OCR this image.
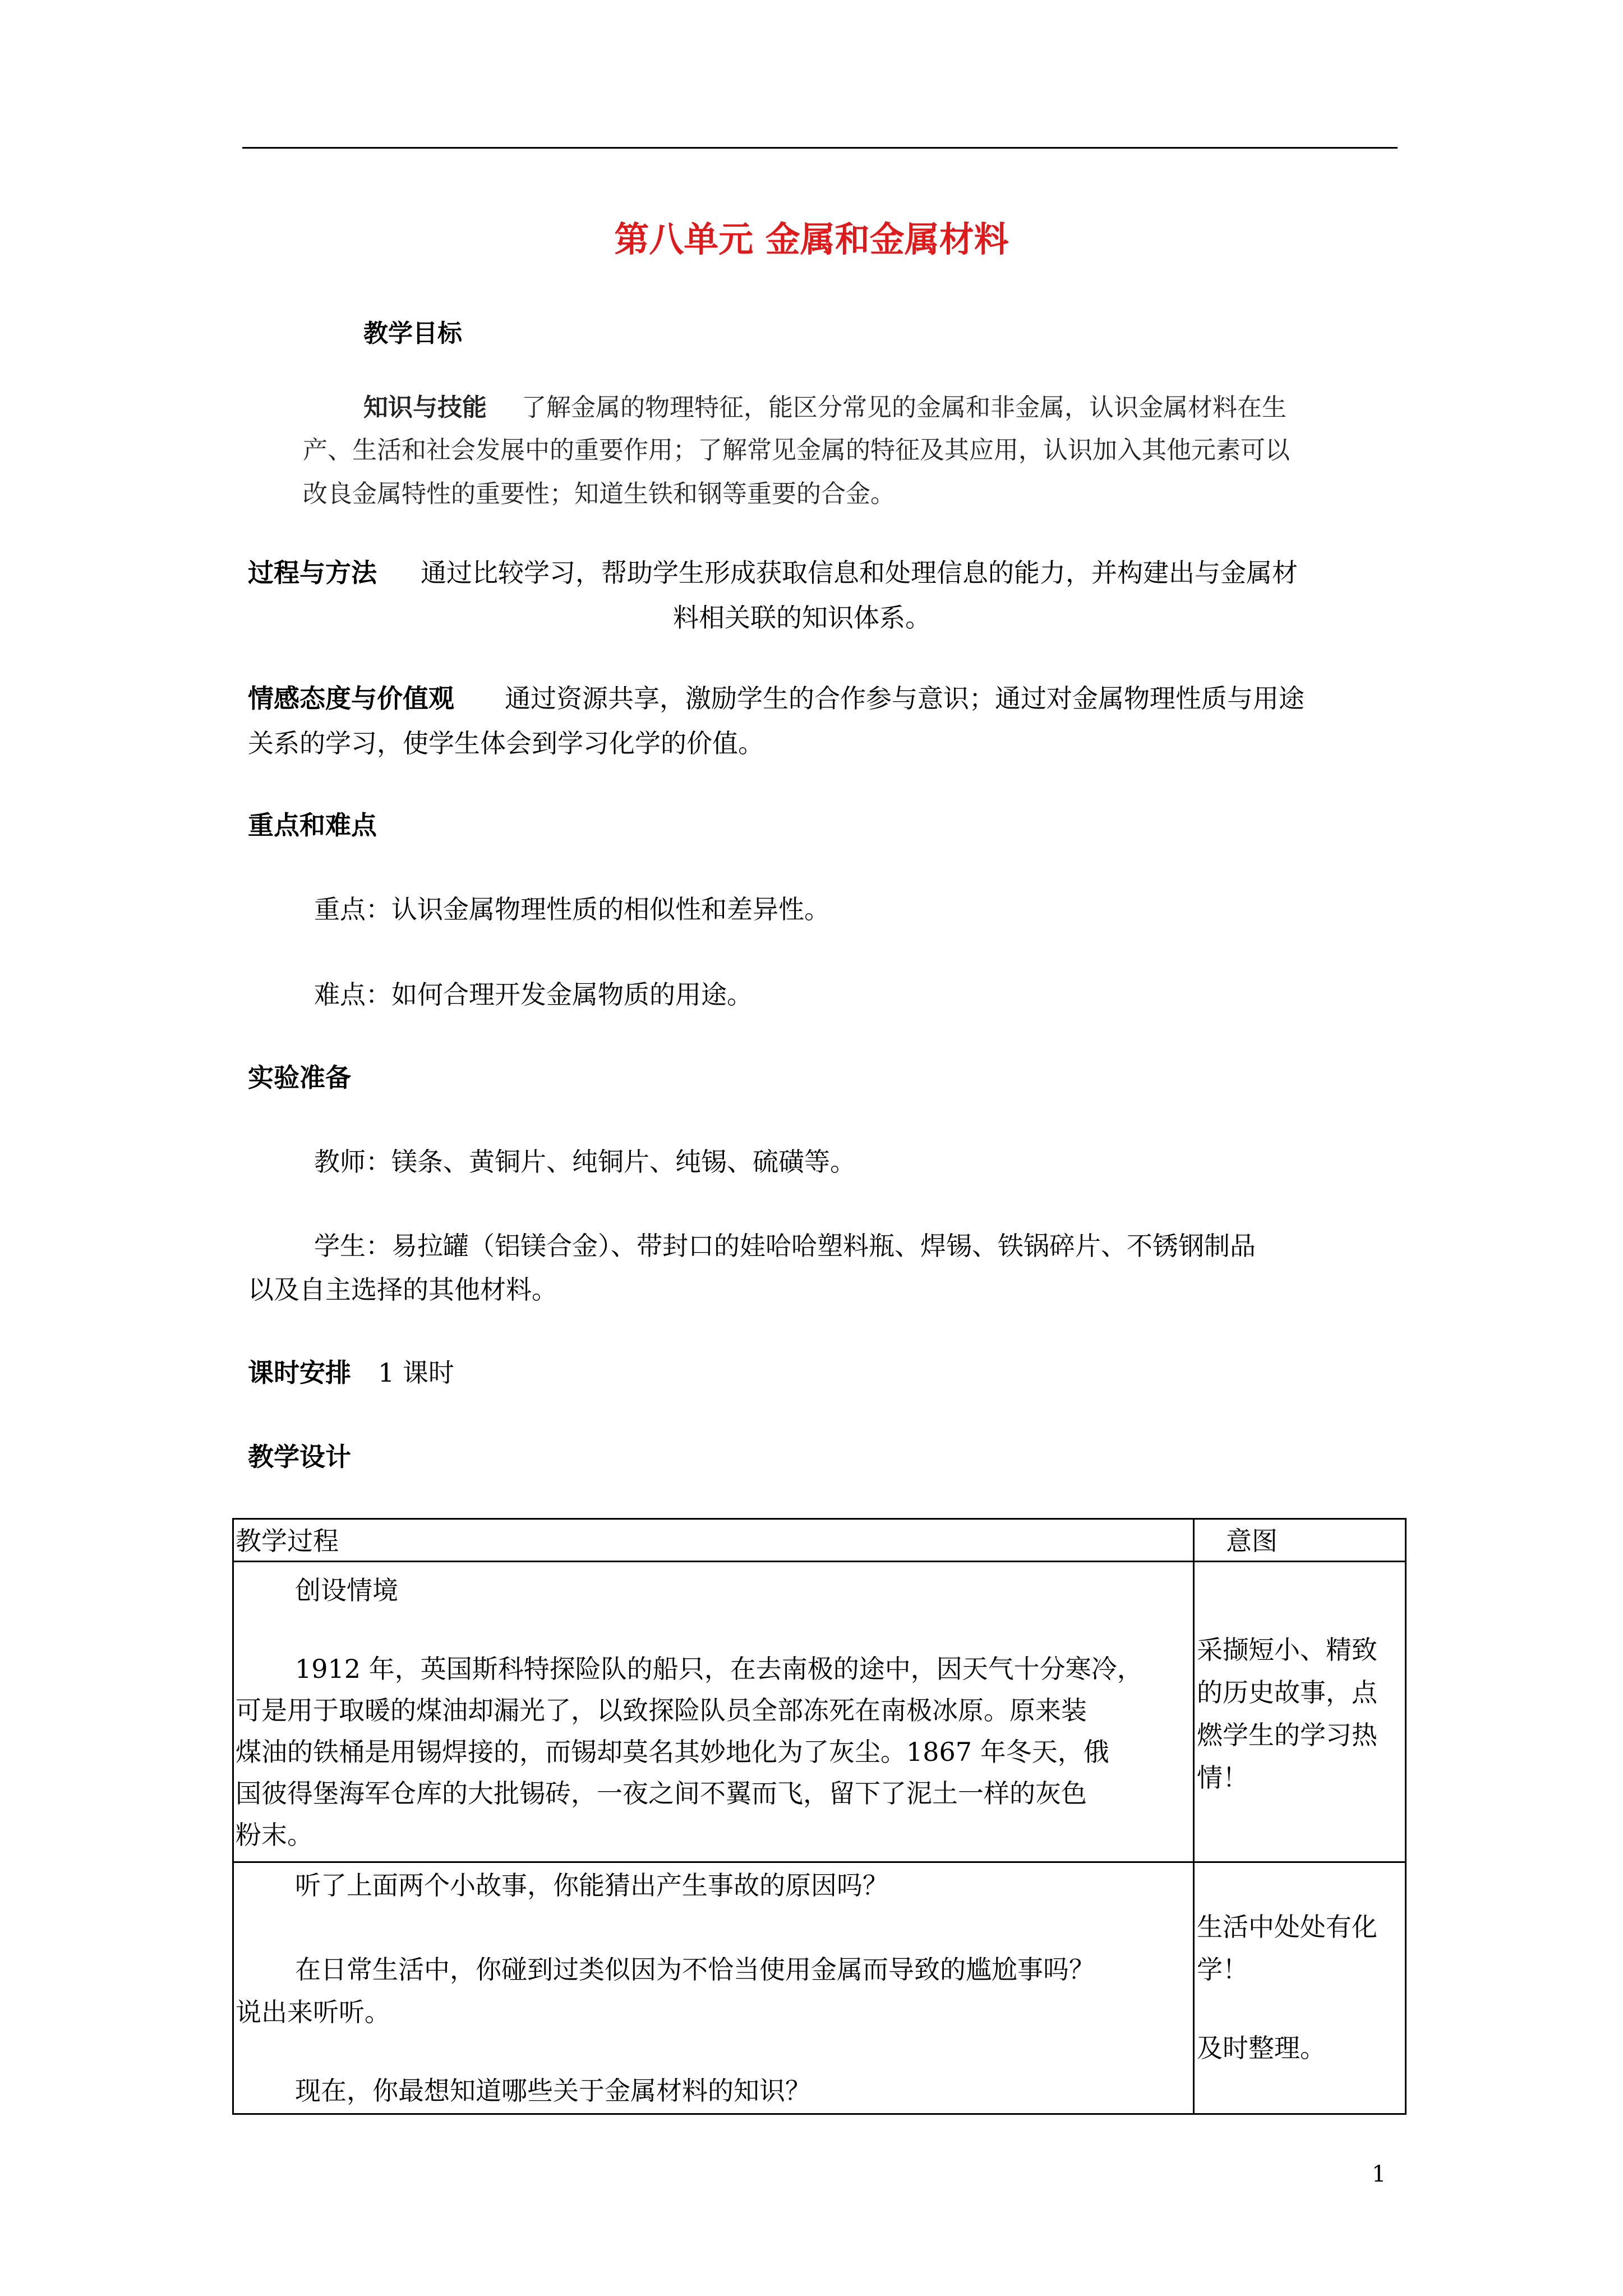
第八单元 金属和金属材料
教学目标
知识与技能 了解金属的物理特征，能区分常见的金属和非金属，认识金属材料在生
产、生活和社会发展中的重要作用；了解常见金属的特征及其应用，认识加入其他元素可以
改良金属特性的重要性；知道生铁和钢等重要的合金。
过程与方法 通过比较学习，帮助学生形成获取信息和处理信息的能力，并构建出与金属材
料相关联的知识体系。
情感态度与价值观 通过资源共享，激励学生的合作参与意识；通过对金属物理性质与用途
关系的学习，使学生体会到学习化学的价值。
重点和难点
重点：认识金属物理性质的相似性和差异性。
难点：如何合理开发金属物质的用途。
实验准备
教师：镁条、黄铜片、纯铜片、纯锡、硫磺等。
学生：易拉罐（铝镁合金）、带封口的娃哈哈塑料瓶、焊锡、铁锅碎片、不锈钢制品
以及自主选择的其他材料。
课时安排 1 课时
教学设计
教学过程	意图
创设情境
1912 年，英国斯科特探险队的船只，在去南极的途中，因天气十分寒冷，
可是用于取暖的煤油却漏光了，以致探险队员全部冻死在南极冰原。原来装
煤油的铁桶是用锡焊接的，而锡却莫名其妙地化为了灰尘。1867 年冬天，俄
国彼得堡海军仓库的大批锡砖，一夜之间不翼而飞，留下了泥土一样的灰色
粉末。
采撷短小、精致
的历史故事，点
燃学生的学习热
情！
听了上面两个小故事，你能猜出产生事故的原因吗？
在日常生活中，你碰到过类似因为不恰当使用金属而导致的尴尬事吗？
说出来听听。
现在，你最想知道哪些关于金属材料的知识？
生活中处处有化
学！
及时整理。
1
